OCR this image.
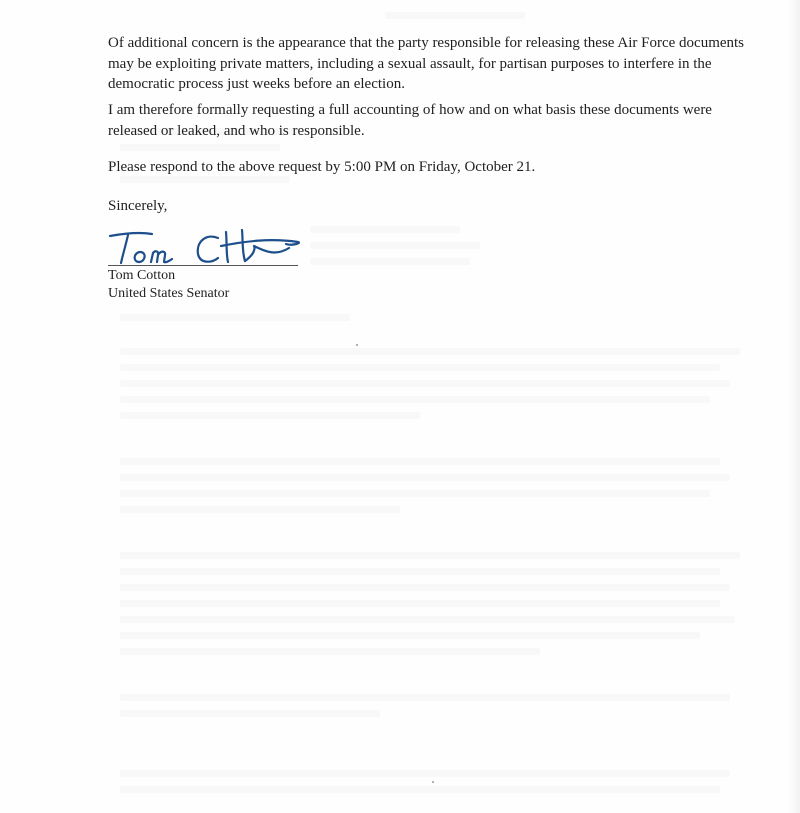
Of additional concern is the appearance that the party responsible for releasing these Air Force documents may be exploiting private matters, including a sexual assault, for partisan purposes to interfere in the democratic process just weeks before an election.

I am therefore formally requesting a full accounting of how and on what basis these documents were released or leaked, and who is responsible.

Please respond to the above request by 5:00 PM on Friday, October 21.

Sincerely,

Tom Cotton
United States Senator
